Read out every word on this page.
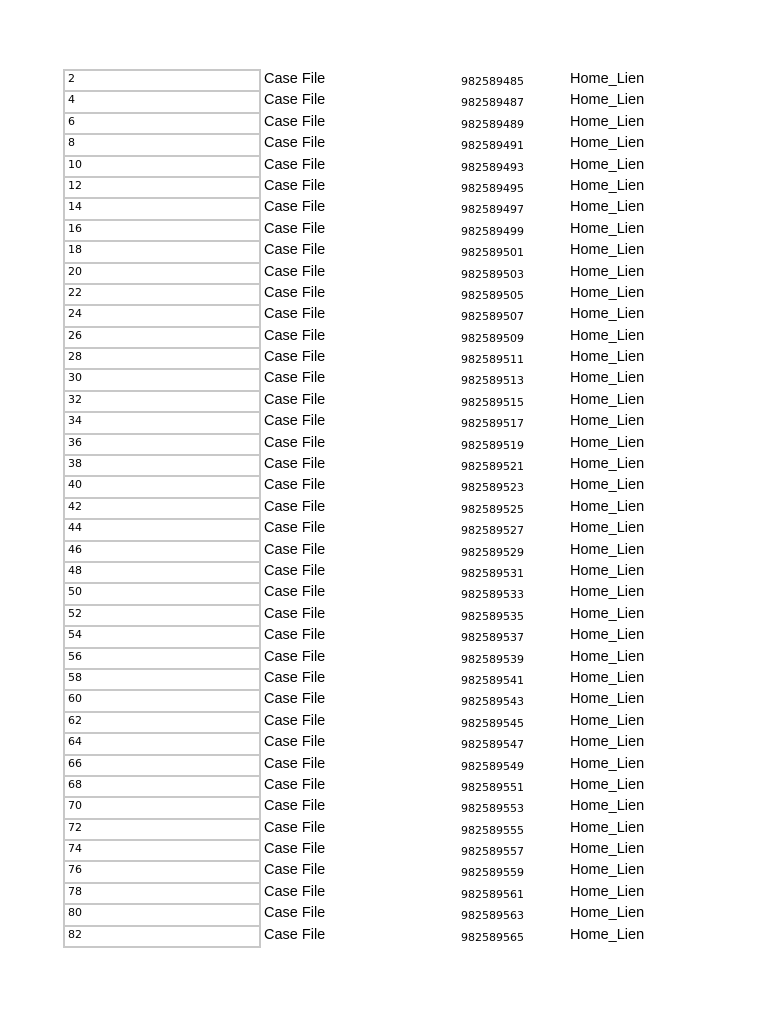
2	Case File	982589485	Home_Lien
4	Case File	982589487	Home_Lien
6	Case File	982589489	Home_Lien
8	Case File	982589491	Home_Lien
10	Case File	982589493	Home_Lien
12	Case File	982589495	Home_Lien
14	Case File	982589497	Home_Lien
16	Case File	982589499	Home_Lien
18	Case File	982589501	Home_Lien
20	Case File	982589503	Home_Lien
22	Case File	982589505	Home_Lien
24	Case File	982589507	Home_Lien
26	Case File	982589509	Home_Lien
28	Case File	982589511	Home_Lien
30	Case File	982589513	Home_Lien
32	Case File	982589515	Home_Lien
34	Case File	982589517	Home_Lien
36	Case File	982589519	Home_Lien
38	Case File	982589521	Home_Lien
40	Case File	982589523	Home_Lien
42	Case File	982589525	Home_Lien
44	Case File	982589527	Home_Lien
46	Case File	982589529	Home_Lien
48	Case File	982589531	Home_Lien
50	Case File	982589533	Home_Lien
52	Case File	982589535	Home_Lien
54	Case File	982589537	Home_Lien
56	Case File	982589539	Home_Lien
58	Case File	982589541	Home_Lien
60	Case File	982589543	Home_Lien
62	Case File	982589545	Home_Lien
64	Case File	982589547	Home_Lien
66	Case File	982589549	Home_Lien
68	Case File	982589551	Home_Lien
70	Case File	982589553	Home_Lien
72	Case File	982589555	Home_Lien
74	Case File	982589557	Home_Lien
76	Case File	982589559	Home_Lien
78	Case File	982589561	Home_Lien
80	Case File	982589563	Home_Lien
82	Case File	982589565	Home_Lien
